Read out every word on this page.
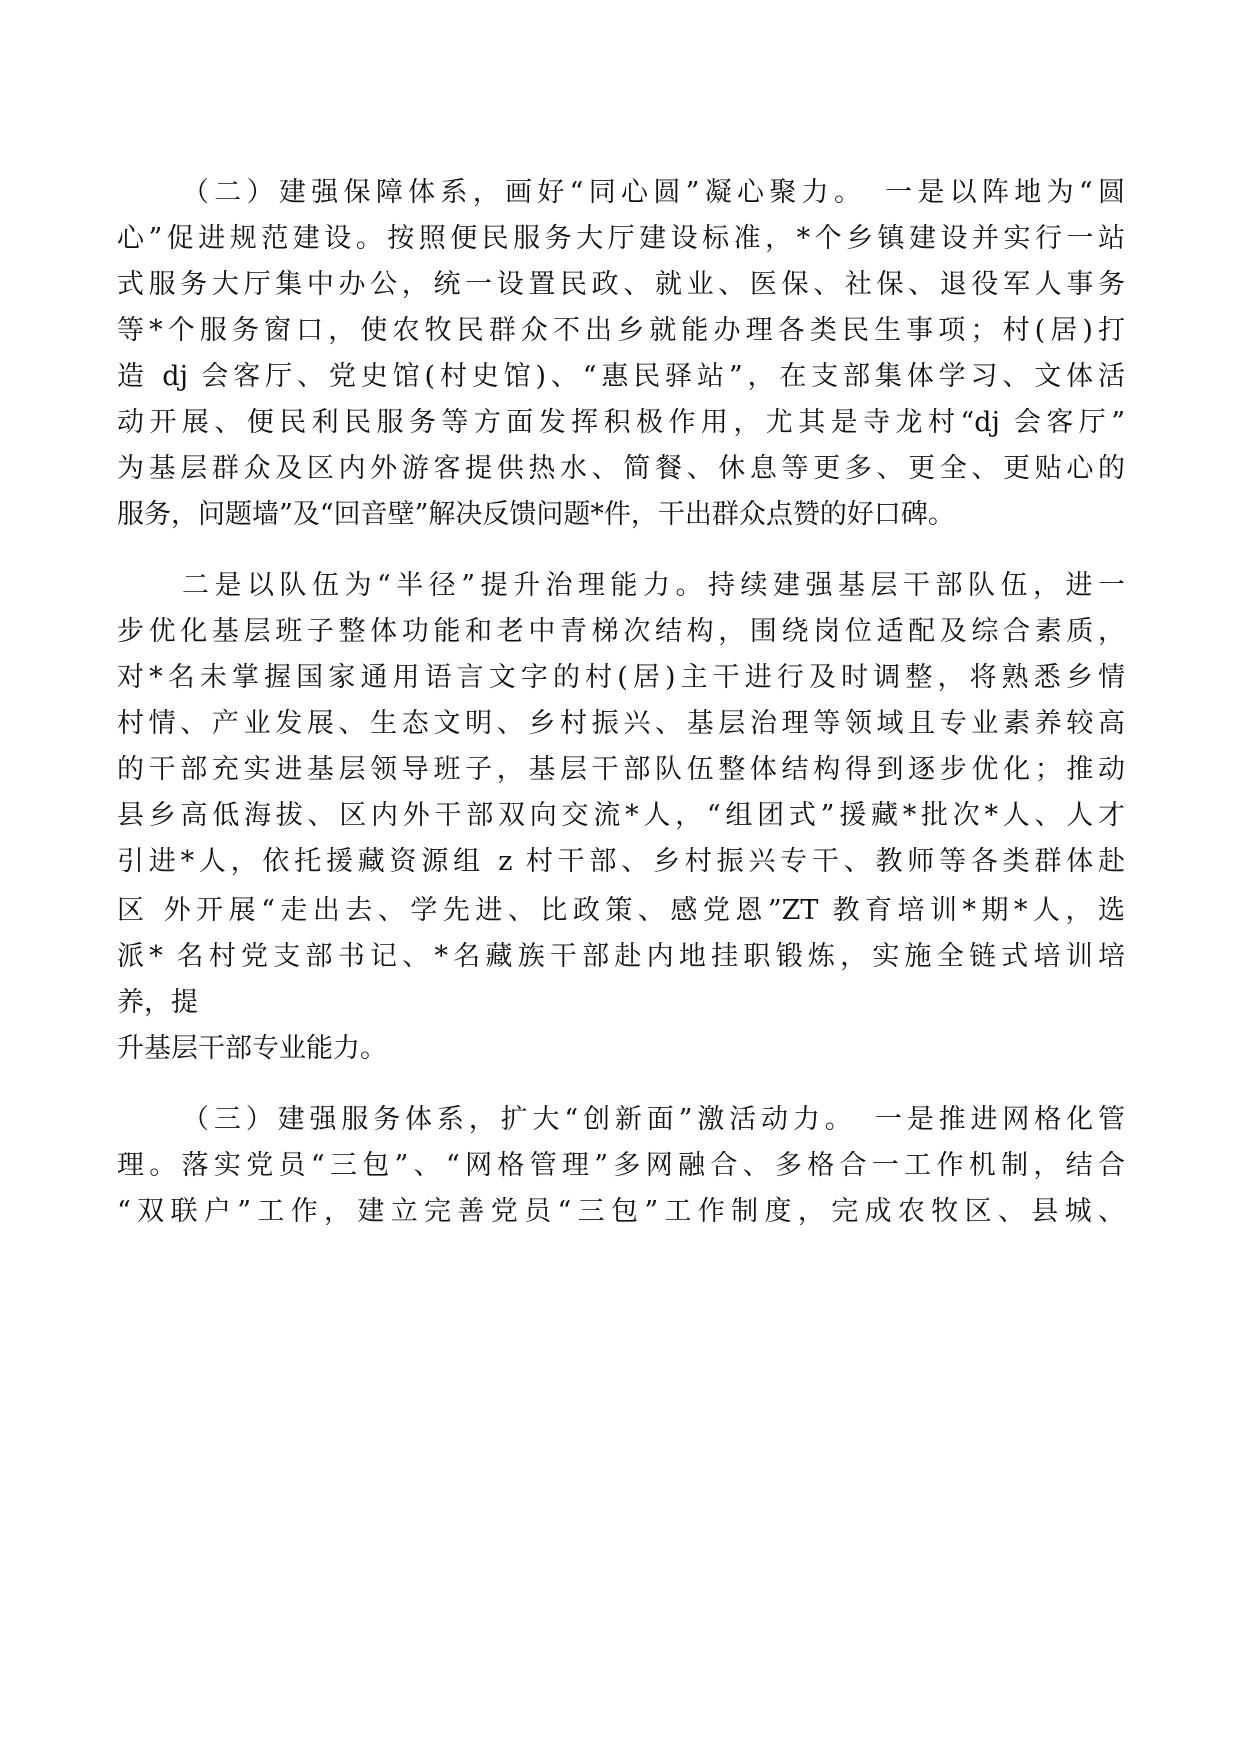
（二）建强保障体系，画好“同心圆”凝心聚力。　一是以阵地为“圆
心”促进规范建设。按照便民服务大厅建设标准，*个乡镇建设并实行一站
式服务大厅集中办公，统一设置民政、就业、医保、社保、退役军人事务
等*个服务窗口，使农牧民群众不出乡就能办理各类民生事项；村(居)打
造 dj 会客厅、党史馆(村史馆)、“惠民驿站”，在支部集体学习、文体活
动开展、便民利民服务等方面发挥积极作用，尤其是寺龙村“dj 会客厅”
为基层群众及区内外游客提供热水、简餐、休息等更多、更全、更贴心的
服务，问题墙”及“回音壁”解决反馈问题*件，干出群众点赞的好口碑。
二是以队伍为“半径”提升治理能力。持续建强基层干部队伍，进一
步优化基层班子整体功能和老中青梯次结构，围绕岗位适配及综合素质，
对*名未掌握国家通用语言文字的村(居)主干进行及时调整，将熟悉乡情
村情、产业发展、生态文明、乡村振兴、基层治理等领域且专业素养较高
的干部充实进基层领导班子，基层干部队伍整体结构得到逐步优化；推动
县乡高低海拔、区内外干部双向交流*人，“组团式”援藏*批次*人、人才
引进*人，依托援藏资源组 z 村干部、乡村振兴专干、教师等各类群体赴
区 外开展“走出去、学先进、比政策、感党恩”ZT 教育培训*期*人，选
派* 名村党支部书记、*名藏族干部赴内地挂职锻炼，实施全链式培训培
养，提
升基层干部专业能力。
（三）建强服务体系，扩大“创新面”激活动力。　一是推进网格化管
理。落实党员“三包”、“网格管理”多网融合、多格合一工作机制，结合
“双联户”工作，建立完善党员“三包”工作制度，完成农牧区、县城、
